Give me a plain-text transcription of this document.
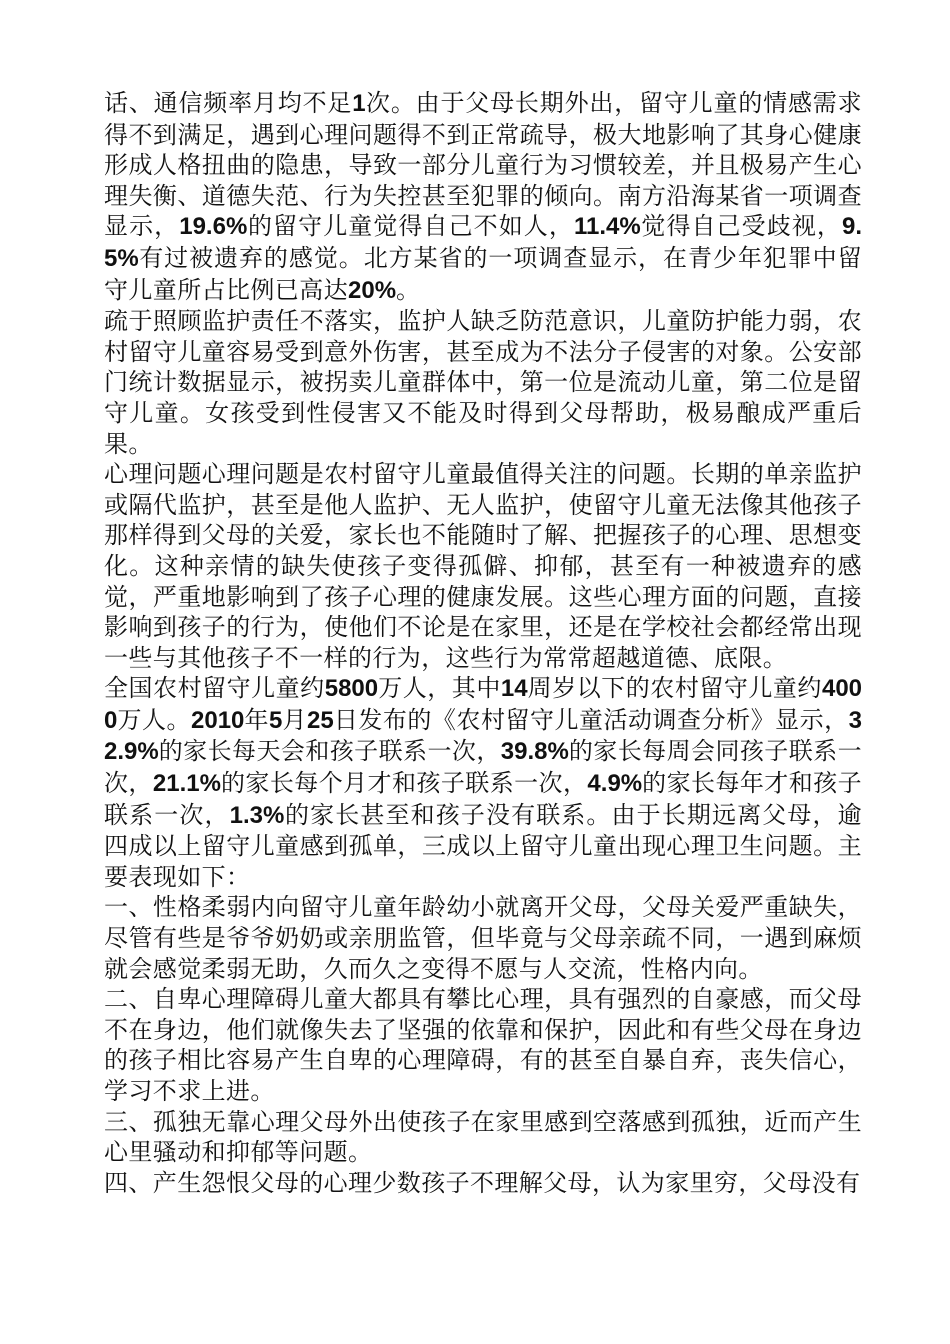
话、通信频率月均不足1次。由于父母长期外出，留守儿童的情感需求得不到满足，遇到心理问题得不到正常疏导，极大地影响了其身心健康形成人格扭曲的隐患，导致一部分儿童行为习惯较差，并且极易产生心理失衡、道德失范、行为失控甚至犯罪的倾向。南方沿海某省一项调查显示，19.6%的留守儿童觉得自己不如人，11.4%觉得自己受歧视，9.5%有过被遗弃的感觉。北方某省的一项调查显示，在青少年犯罪中留守儿童所占比例已高达20%。

疏于照顾监护责任不落实，监护人缺乏防范意识，儿童防护能力弱，农村留守儿童容易受到意外伤害，甚至成为不法分子侵害的对象。公安部门统计数据显示，被拐卖儿童群体中，第一位是流动儿童，第二位是留守儿童。女孩受到性侵害又不能及时得到父母帮助，极易酿成严重后果。

心理问题心理问题是农村留守儿童最值得关注的问题。长期的单亲监护或隔代监护，甚至是他人监护、无人监护，使留守儿童无法像其他孩子那样得到父母的关爱，家长也不能随时了解、把握孩子的心理、思想变化。这种亲情的缺失使孩子变得孤僻、抑郁，甚至有一种被遗弃的感觉，严重地影响到了孩子心理的健康发展。这些心理方面的问题，直接影响到孩子的行为，使他们不论是在家里，还是在学校社会都经常出现一些与其他孩子不一样的行为，这些行为常常超越道德、底限。

全国农村留守儿童约5800万人，其中14周岁以下的农村留守儿童约4000万人。2010年5月25日发布的《农村留守儿童活动调查分析》显示，32.9%的家长每天会和孩子联系一次，39.8%的家长每周会同孩子联系一次，21.1%的家长每个月才和孩子联系一次，4.9%的家长每年才和孩子联系一次，1.3%的家长甚至和孩子没有联系。由于长期远离父母，逾四成以上留守儿童感到孤单，三成以上留守儿童出现心理卫生问题。主要表现如下：

一、性格柔弱内向留守儿童年龄幼小就离开父母，父母关爱严重缺失，尽管有些是爷爷奶奶或亲朋监管，但毕竟与父母亲疏不同，一遇到麻烦就会感觉柔弱无助，久而久之变得不愿与人交流，性格内向。

二、自卑心理障碍儿童大都具有攀比心理，具有强烈的自豪感，而父母不在身边，他们就像失去了坚强的依靠和保护，因此和有些父母在身边的孩子相比容易产生自卑的心理障碍，有的甚至自暴自弃，丧失信心，学习不求上进。

三、孤独无靠心理父母外出使孩子在家里感到空落感到孤独，近而产生心里骚动和抑郁等问题。

四、产生怨恨父母的心理少数孩子不理解父母，认为家里穷，父母没有
